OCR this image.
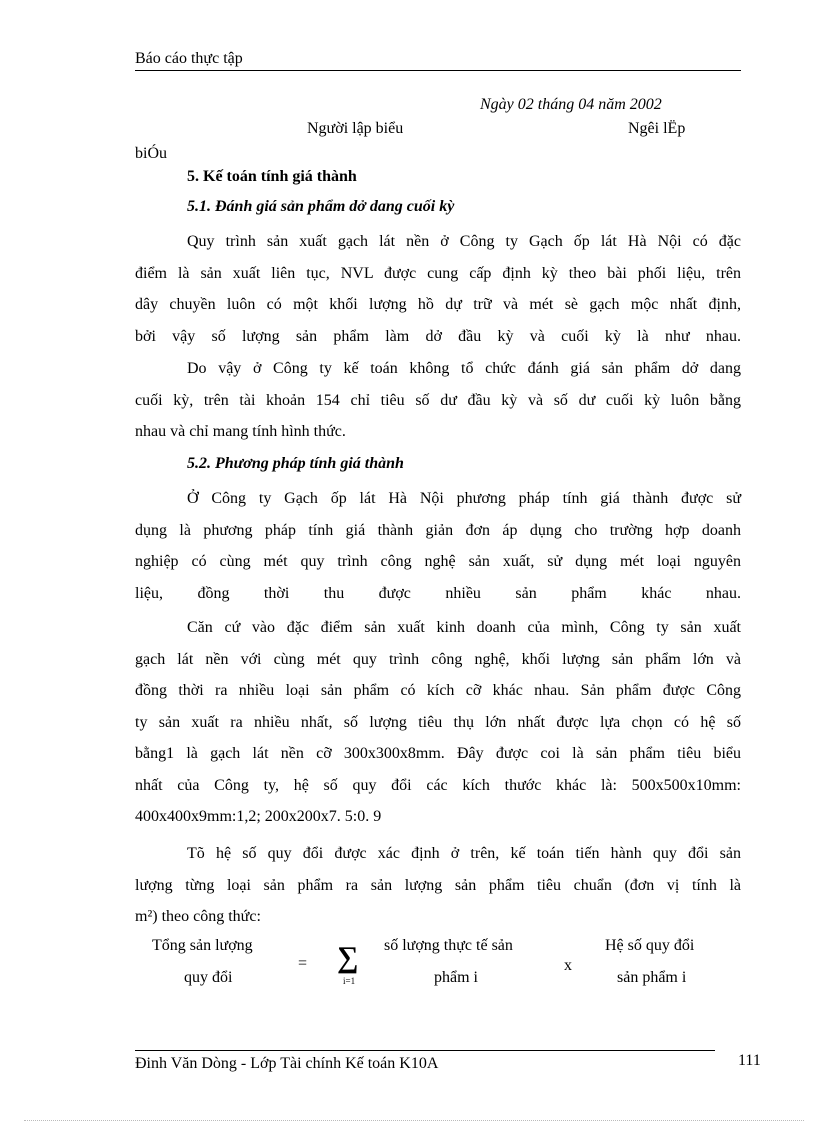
Báo cáo thực tập
Ngày 02 tháng 04 năm 2002
Người lập biểu	Ngêi lËp
biÓu
5. Kế toán tính giá thành
5.1. Đánh giá sản phẩm dở dang cuối kỳ
Quy trình sản xuất gạch lát nền ở Công ty Gạch ốp lát Hà Nội có đặc
điểm là sản xuất liên tục, NVL được cung cấp định kỳ theo bài phối liệu, trên
dây chuyền luôn có một khối lượng hồ dự trữ và mét sè gạch mộc nhất định,
bởi vậy số lượng sản phẩm làm dở đầu kỳ và cuối kỳ là như nhau.
Do vậy ở Công ty kế toán không tổ chức đánh giá sản phẩm dở dang
cuối kỳ, trên tài khoản 154 chỉ tiêu số dư đầu kỳ và số dư cuối kỳ luôn bằng
nhau và chỉ mang tính hình thức.
5.2. Phương pháp tính giá thành
Ở Công ty Gạch ốp lát Hà Nội phương pháp tính giá thành được sử
dụng là phương pháp tính giá thành giản đơn áp dụng cho trường hợp doanh
nghiệp có cùng mét quy trình công nghệ sản xuất, sử dụng mét loại nguyên
liệu, đồng thời thu được nhiều sản phẩm khác nhau.
Căn cứ vào đặc điểm sản xuất kinh doanh của mình, Công ty sản xuất
gạch lát nền với cùng mét quy trình công nghệ, khối lượng sản phẩm lớn và
đồng thời ra nhiều loại sản phẩm có kích cỡ khác nhau. Sản phẩm được Công
ty sản xuất ra nhiều nhất, số lượng tiêu thụ lớn nhất được lựa chọn có hệ số
bằng1 là gạch lát nền cỡ 300x300x8mm. Đây được coi là sản phẩm tiêu biểu
nhất của Công ty, hệ số quy đổi các kích thước khác là: 500x500x10mm:
400x400x9mm:1,2; 200x200x7. 5:0. 9
Tõ hệ số quy đổi được xác định ở trên, kế toán tiến hành quy đổi sản
lượng từng loại sản phẩm ra sản lượng sản phẩm tiêu chuẩn (đơn vị tính là
m²) theo công thức:
Tổng sản lượng
quy đổi
= ∑
i=1
số lượng thực tế sản
phẩm i
x
Hệ số quy đổi
sản phẩm i
Đinh Văn Dòng - Lớp Tài chính Kế toán K10A	111
